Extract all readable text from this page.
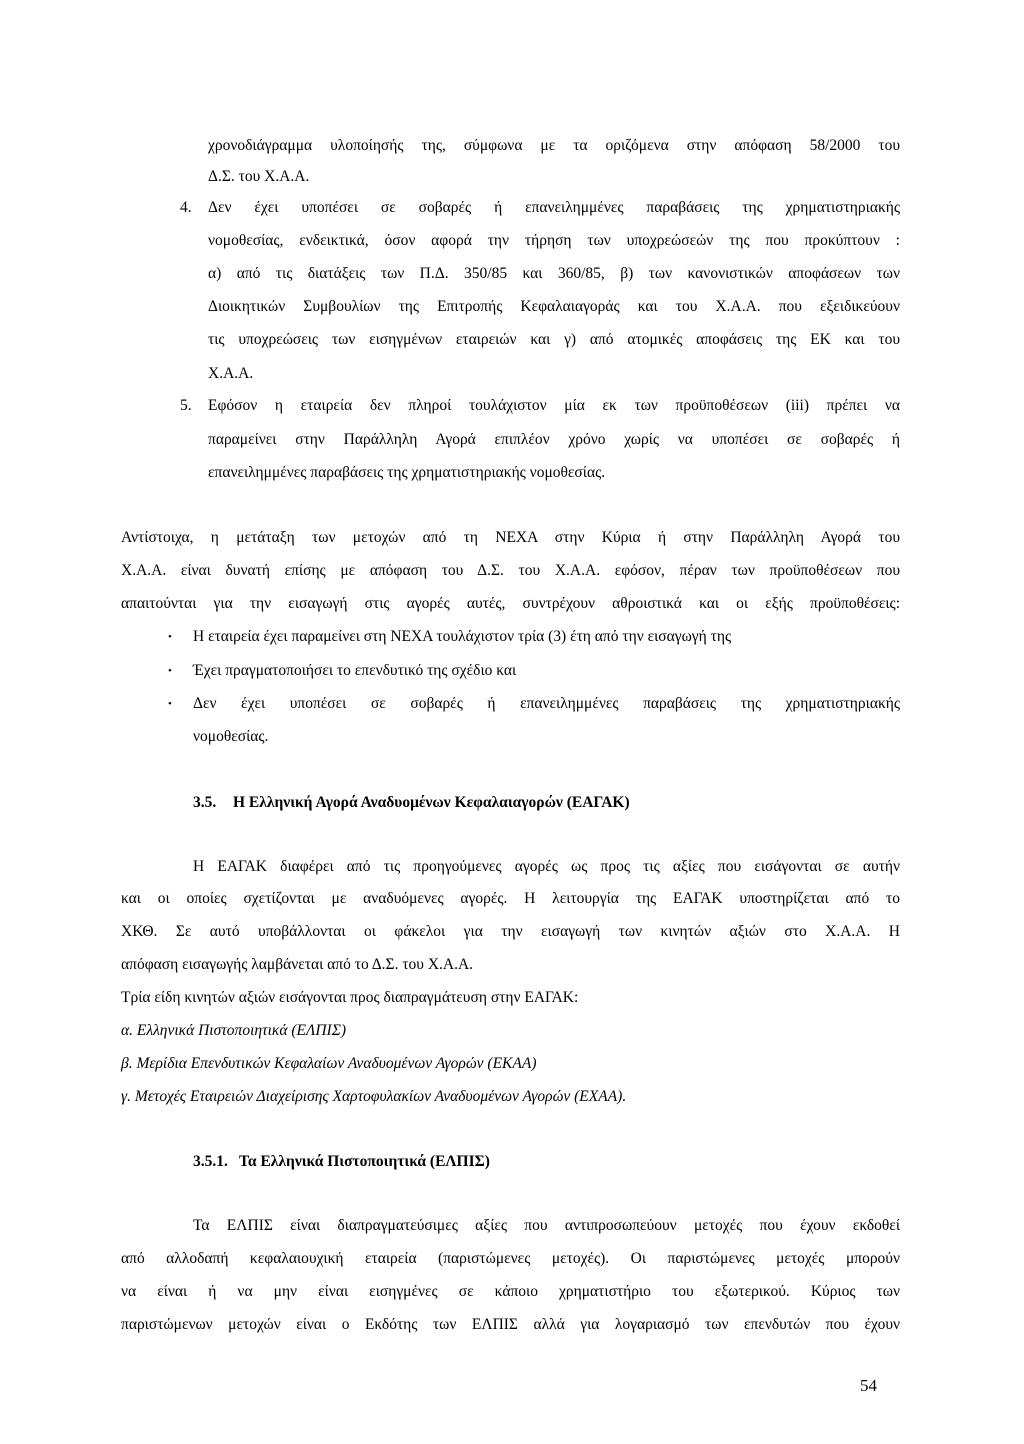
χρονοδιάγραμμα υλοποίησής της, σύμφωνα με τα οριζόμενα στην απόφαση 58/2000 του
Δ.Σ. του Χ.Α.Α.
4. Δεν έχει υποπέσει σε σοβαρές ή επανειλημμένες παραβάσεις της χρηματιστηριακής
νομοθεσίας, ενδεικτικά, όσον αφορά την τήρηση των υποχρεώσεών της που προκύπτουν :
α) από τις διατάξεις των Π.Δ. 350/85 και 360/85, β) των κανονιστικών αποφάσεων των
Διοικητικών Συμβουλίων της Επιτροπής Κεφαλαιαγοράς και του Χ.Α.Α. που εξειδικεύουν
τις υποχρεώσεις των εισηγμένων εταιρειών και γ) από ατομικές αποφάσεις της ΕΚ και του
Χ.Α.Α.
5. Εφόσον η εταιρεία δεν πληροί τουλάχιστον μία εκ των προϋποθέσεων (iii) πρέπει να
παραμείνει στην Παράλληλη Αγορά επιπλέον χρόνο χωρίς να υποπέσει σε σοβαρές ή
επανειλημμένες παραβάσεις της χρηματιστηριακής νομοθεσίας.
Αντίστοιχα, η μετάταξη των μετοχών από τη ΝΕΧΑ στην Κύρια ή στην Παράλληλη Αγορά του
Χ.Α.Α. είναι δυνατή επίσης με απόφαση του Δ.Σ. του Χ.Α.Α. εφόσον, πέραν των προϋποθέσεων που
απαιτούνται για την εισαγωγή στις αγορές αυτές, συντρέχουν αθροιστικά και οι εξής προϋποθέσεις:
• Η εταιρεία έχει παραμείνει στη ΝΕΧΑ τουλάχιστον τρία (3) έτη από την εισαγωγή της
• Έχει πραγματοποιήσει το επενδυτικό της σχέδιο και
• Δεν έχει υποπέσει σε σοβαρές ή επανειλημμένες παραβάσεις της χρηματιστηριακής
νομοθεσίας.
3.5. Η Ελληνική Αγορά Αναδυομένων Κεφαλαιαγορών (ΕΑΓΑΚ)
Η ΕΑΓΑΚ διαφέρει από τις προηγούμενες αγορές ως προς τις αξίες που εισάγονται σε αυτήν
και οι οποίες σχετίζονται με αναδυόμενες αγορές. Η λειτουργία της ΕΑΓΑΚ υποστηρίζεται από το
ΧΚΘ. Σε αυτό υποβάλλονται οι φάκελοι για την εισαγωγή των κινητών αξιών στο Χ.Α.Α. Η
απόφαση εισαγωγής λαμβάνεται από το Δ.Σ. του Χ.Α.Α.
Τρία είδη κινητών αξιών εισάγονται προς διαπραγμάτευση στην ΕΑΓΑΚ:
α. Ελληνικά Πιστοποιητικά (ΕΛΠΙΣ)
β. Μερίδια Επενδυτικών Κεφαλαίων Αναδυομένων Αγορών (ΕΚΑΑ)
γ. Μετοχές Εταιρειών Διαχείρισης Χαρτοφυλακίων Αναδυομένων Αγορών (ΕΧΑΑ).
3.5.1. Τα Ελληνικά Πιστοποιητικά (ΕΛΠΙΣ)
Τα ΕΛΠΙΣ είναι διαπραγματεύσιμες αξίες που αντιπροσωπεύουν μετοχές που έχουν εκδοθεί
από αλλοδαπή κεφαλαιουχική εταιρεία (παριστώμενες μετοχές). Οι παριστώμενες μετοχές μπορούν
να είναι ή να μην είναι εισηγμένες σε κάποιο χρηματιστήριο του εξωτερικού. Κύριος των
παριστώμενων μετοχών είναι ο Εκδότης των ΕΛΠΙΣ αλλά για λογαριασμό των επενδυτών που έχουν
54
